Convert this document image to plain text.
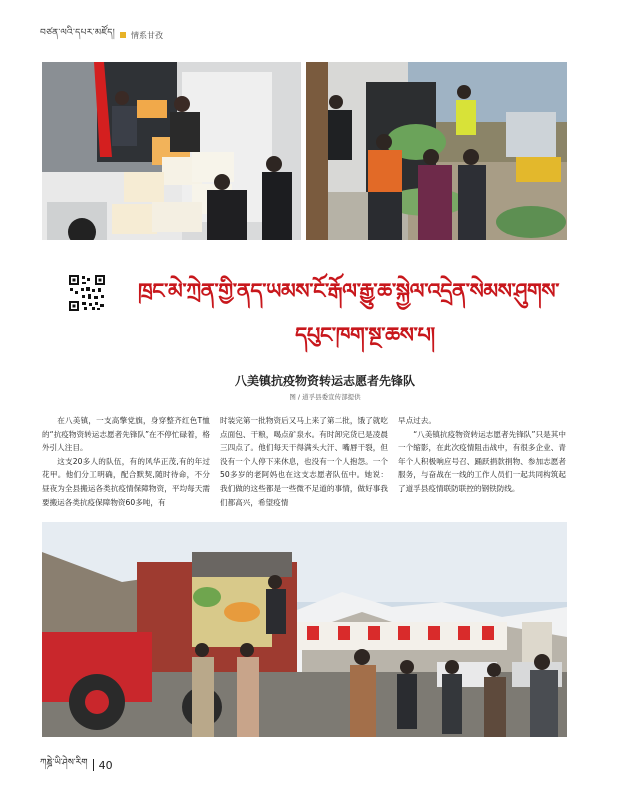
བཙན་ལའི་དཔར་མཛོད། 情系甘孜
ཁྲང་མེ་ཀྲེན་གྱི་ནད་ཡམས་ངོ་རྒོལ་རྒྱུ་ཆ་སྐྱེལ་འདྲེན་སེམས་ཤུགས་
དཔུང་ཁག་སྔ་ཆས་པ།
八美镇抗疫物资转运志愿者先锋队
图 / 道孚县委宣传部提供

在八美镇，一支高擎党旗，身穿整齐红色T恤的“抗疫物资转运志愿者先锋队”在不停忙碌着，格外引人注目。

这支20多人的队伍，有的风华正茂,有的年过花甲。他们分工明确，配合默契,随时待命，不分昼夜为全县搬运各类抗疫情保障物资，平均每天需要搬运各类抗疫保障物资60多吨，有

时装完第一批物资后又马上来了第二批，饿了就吃点面包、干粮，喝点矿泉水。有时卸完货已是凌晨三四点了。他们每天干得满头大汗、嘴唇干裂，但没有一个人停下来休息，也没有一个人抱怨。一个50多岁的老阿妈也在这支志愿者队伍中。她说：我们做的这些都是一些微不足道的事情，做好事我们都高兴，希望疫情

早点过去。

“八美镇抗疫物资转运志愿者先锋队”只是其中一个缩影，在此次疫情阻击战中，有很多企业、青年个人积极响应号召、踊跃捐款捐物、参加志愿者服务，与奋战在一线的工作人员们一起共同构筑起了道孚县疫情联防联控的钢铁防线。

ཀཎྜེ་ཡི་ཤེས་རིག 40
